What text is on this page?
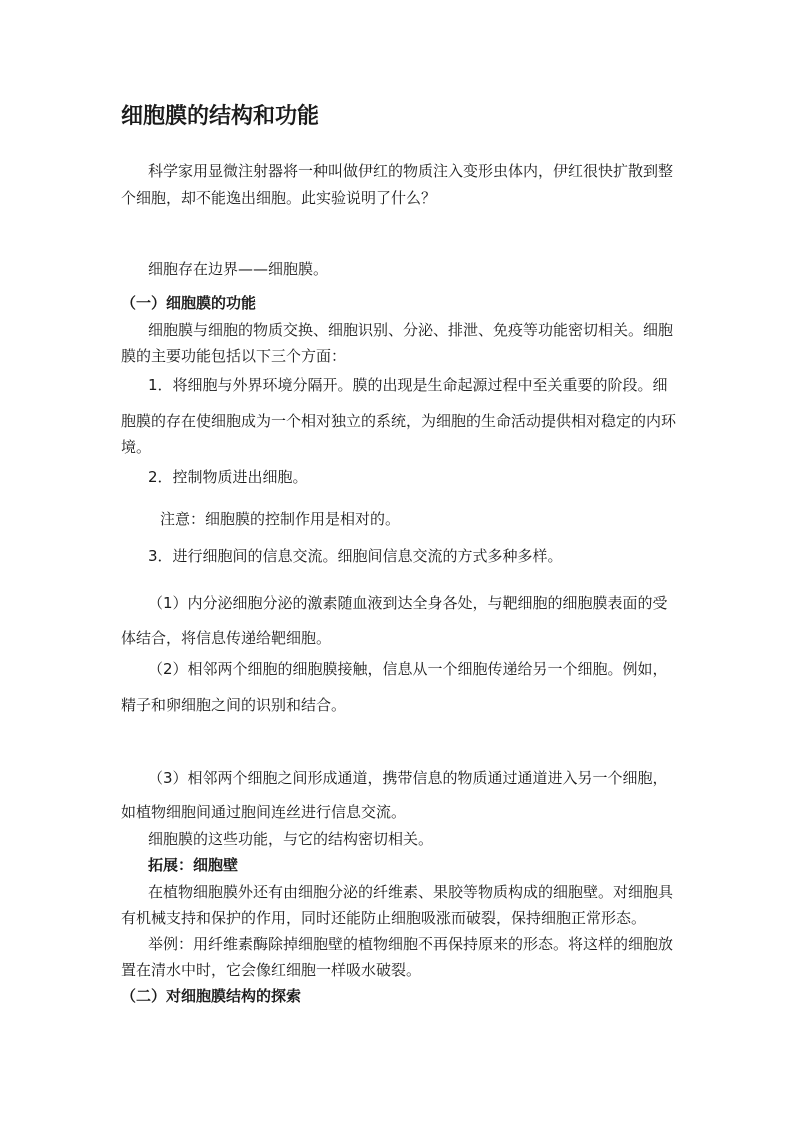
细胞膜的结构和功能
科学家用显微注射器将一种叫做伊红的物质注入变形虫体内，伊红很快扩散到整
个细胞，却不能逸出细胞。此实验说明了什么？
细胞存在边界——细胞膜。
（一）细胞膜的功能
细胞膜与细胞的物质交换、细胞识别、分泌、排泄、免疫等功能密切相关。细胞
膜的主要功能包括以下三个方面：
1．将细胞与外界环境分隔开。膜的出现是生命起源过程中至关重要的阶段。细
胞膜的存在使细胞成为一个相对独立的系统，为细胞的生命活动提供相对稳定的内环
境。
2．控制物质进出细胞。
注意：细胞膜的控制作用是相对的。
3．进行细胞间的信息交流。细胞间信息交流的方式多种多样。
（1）内分泌细胞分泌的激素随血液到达全身各处，与靶细胞的细胞膜表面的受
体结合，将信息传递给靶细胞。
（2）相邻两个细胞的细胞膜接触，信息从一个细胞传递给另一个细胞。例如，
精子和卵细胞之间的识别和结合。
（3）相邻两个细胞之间形成通道，携带信息的物质通过通道进入另一个细胞，
如植物细胞间通过胞间连丝进行信息交流。
细胞膜的这些功能，与它的结构密切相关。
拓展：细胞壁
在植物细胞膜外还有由细胞分泌的纤维素、果胶等物质构成的细胞壁。对细胞具
有机械支持和保护的作用，同时还能防止细胞吸涨而破裂，保持细胞正常形态。
举例：用纤维素酶除掉细胞壁的植物细胞不再保持原来的形态。将这样的细胞放
置在清水中时，它会像红细胞一样吸水破裂。
（二）对细胞膜结构的探索
